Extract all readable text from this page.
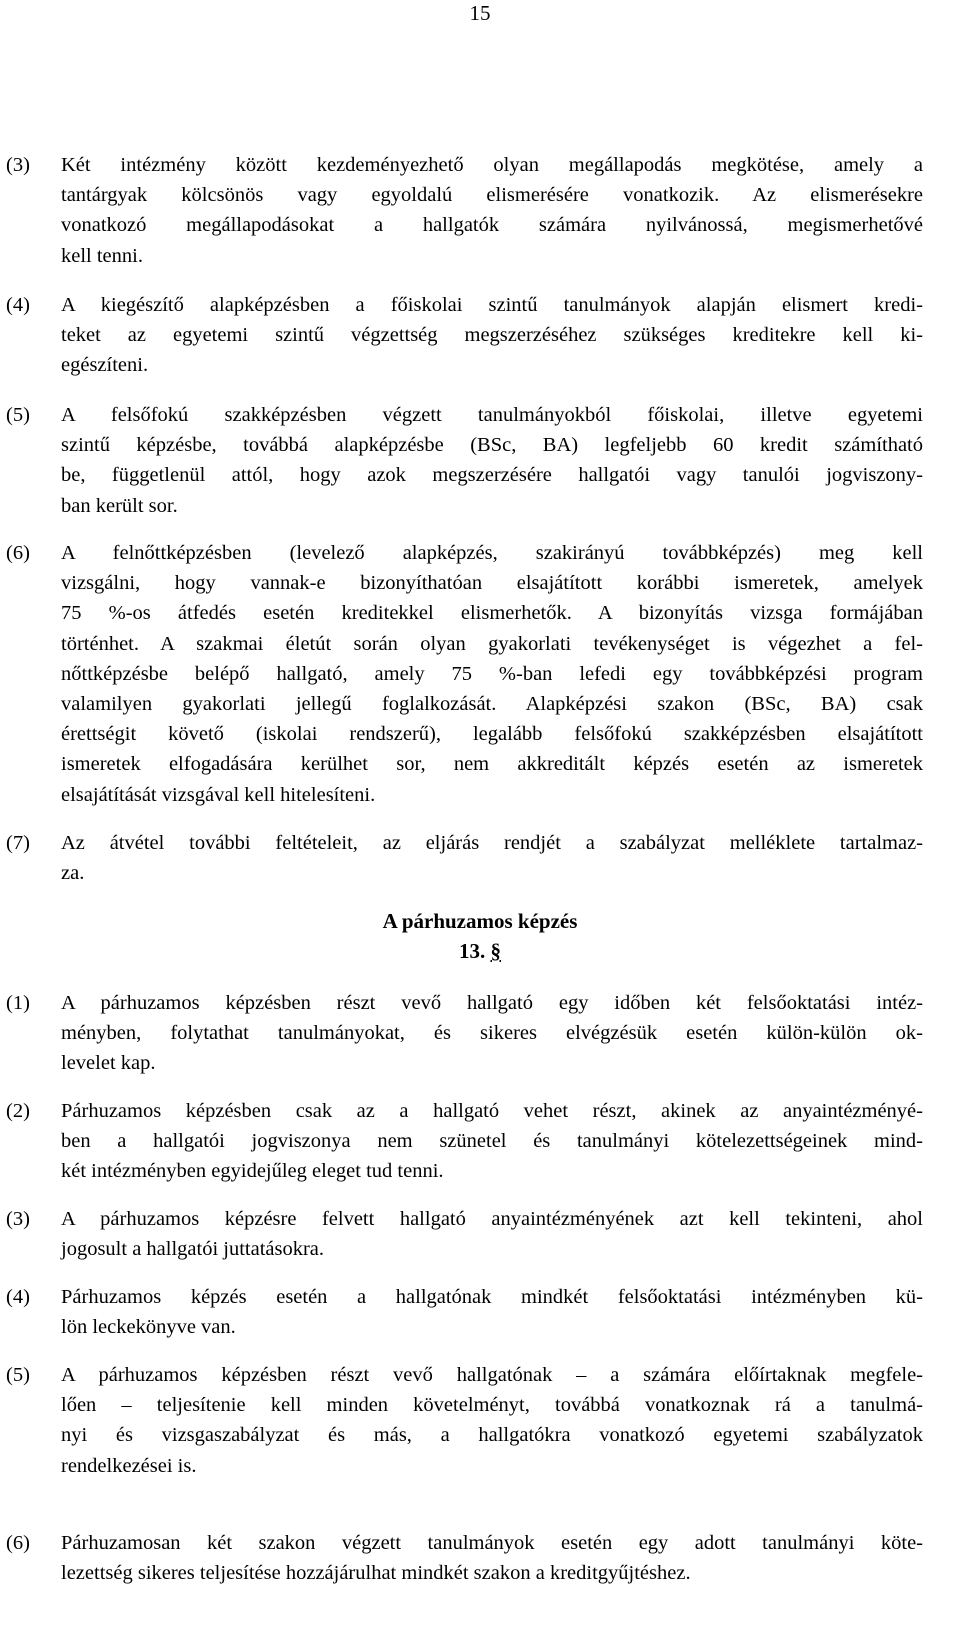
15
(3) Két intézmény között kezdeményezhető olyan megállapodás megkötése, amely a
tantárgyak kölcsönös vagy egyoldalú elismerésére vonatkozik. Az elismerésekre
vonatkozó megállapodásokat a hallgatók számára nyilvánossá, megismerhetővé
kell tenni.
(4) A kiegészítő alapképzésben a főiskolai szintű tanulmányok alapján elismert kredi-
teket az egyetemi szintű végzettség megszerzéséhez szükséges kreditekre kell ki-
egészíteni.
(5) A felsőfokú szakképzésben végzett tanulmányokból főiskolai, illetve egyetemi
szintű képzésbe, továbbá alapképzésbe (BSc, BA) legfeljebb 60 kredit számítható
be, függetlenül attól, hogy azok megszerzésére hallgatói vagy tanulói jogviszony-
ban került sor.
(6) A felnőttképzésben (levelező alapképzés, szakirányú továbbképzés) meg kell
vizsgálni, hogy vannak-e bizonyíthatóan elsajátított korábbi ismeretek, amelyek
75 %-os átfedés esetén kreditekkel elismerhetők. A bizonyítás vizsga formájában
történhet. A szakmai életút során olyan gyakorlati tevékenységet is végezhet a fel-
nőttképzésbe belépő hallgató, amely 75 %-ban lefedi egy továbbképzési program
valamilyen gyakorlati jellegű foglalkozását. Alapképzési szakon (BSc, BA) csak
érettségit követő (iskolai rendszerű), legalább felsőfokú szakképzésben elsajátított
ismeretek elfogadására kerülhet sor, nem akkreditált képzés esetén az ismeretek
elsajátítását vizsgával kell hitelesíteni.
(7) Az átvétel további feltételeit, az eljárás rendjét a szabályzat melléklete tartalmaz-
za.
A párhuzamos képzés
13. §
(1) A párhuzamos képzésben részt vevő hallgató egy időben két felsőoktatási intéz-
ményben, folytathat tanulmányokat, és sikeres elvégzésük esetén külön-külön ok-
levelet kap.
(2) Párhuzamos képzésben csak az a hallgató vehet részt, akinek az anyaintézményé-
ben a hallgatói jogviszonya nem szünetel és tanulmányi kötelezettségeinek mind-
két intézményben egyidejűleg eleget tud tenni.
(3) A párhuzamos képzésre felvett hallgató anyaintézményének azt kell tekinteni, ahol
jogosult a hallgatói juttatásokra.
(4) Párhuzamos képzés esetén a hallgatónak mindkét felsőoktatási intézményben kü-
lön leckekönyve van.
(5) A párhuzamos képzésben részt vevő hallgatónak – a számára előírtaknak megfele-
lően – teljesítenie kell minden követelményt, továbbá vonatkoznak rá a tanulmá-
nyi és vizsgaszabályzat és más, a hallgatókra vonatkozó egyetemi szabályzatok
rendelkezései is.
(6) Párhuzamosan két szakon végzett tanulmányok esetén egy adott tanulmányi köte-
lezettség sikeres teljesítése hozzájárulhat mindkét szakon a kreditgyűjtéshez.
